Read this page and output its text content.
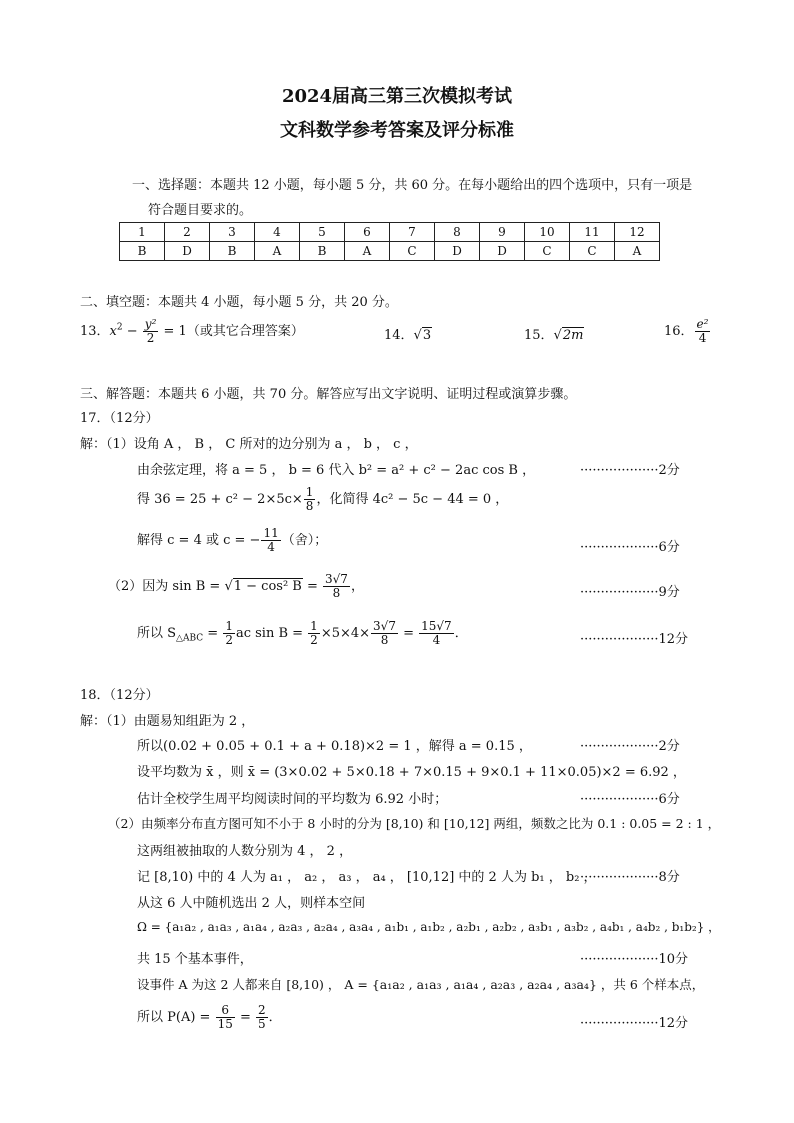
2024届高三第三次模拟考试
文科数学参考答案及评分标准
一、选择题：本题共 12 小题，每小题 5 分，共 60 分。在每小题给出的四个选项中，只有一项是
符合题目要求的。
1	2	3	4	5	6	7	8	9	10	11	12
B	D	B	A	B	A	C	D	D	C	C	A
二、填空题：本题共 4 小题，每小题 5 分，共 20 分。
13．$x^2 - \frac{\text{y²}}{2} = 1$（或其它合理答案）	14．√3	15．√2m	16． $\frac{\text{e²}}{4}$
三、解答题：本题共 6 小题，共 70 分。解答应写出文字说明、证明过程或演算步骤。
17．（12分）
解：（1）设角 A ， B ， C 所对的边分别为 a ， b ， c ，
由余弦定理，将 a = 5 ， b = 6 代入 b² = a² + c² − 2ac cos B ，	···················2分
得 $36 = 25 + c^2 - 2\times 5c\times \frac{1}{8}$ ，化简得 4c² − 5c − 44 = 0 ，
解得 c = 4 或 c = − $\frac{11}{4}$ （舍）；	···················6分
（2）因为 sin B = √1 − cos² $B = \frac{3√7}{8}$ ，	···················9分
所以 $S_{\triangle ABC} = \frac{1}{2}$ ac $\sin B = \frac{1}{2} \times 5\times 4\times \frac{3√7}{8} = \frac{15√7}{4}$ ．	···················12分
18．（12分）
解：（1）由题易知组距为 2 ，
所以(0.02 + 0.05 + 0.1 + a + 0.18)×2 = 1 ，解得 a = 0.15 ，	···················2分
设平均数为 x̄ ，则 x̄ = (3×0.02 + 5×0.18 + 7×0.15 + 9×0.1 + 11×0.05)×2 = 6.92 ，
估计全校学生周平均阅读时间的平均数为 6.92 小时；	···················6分
（2）由频率分布直方图可知不小于 8 小时的分为 [8,10) 和 [10,12] 两组，频数之比为 0.1 : 0.05 = 2 : 1 ，
这两组被抽取的人数分别为 4 ， 2 ，
记 [8,10) 中的 4 人为 a₁ ， a₂ ， a₃ ， a₄ ， [10,12] 中的 2 人为 b₁ ， b₂ ，
···················8分
从这 6 人中随机选出 2 人，则样本空间
Ω = {a₁a₂ , a₁a₃ , a₁a₄ , a₂a₃ , a₂a₄ , a₃a₄ , a₁b₁ , a₁b₂ , a₂b₁ , a₂b₂ , a₃b₁ , a₃b₂ , a₄b₁ , a₄b₂ , b₁b₂} ，
共 15 个基本事件，	···················10分
设事件 A 为这 2 人都来自 [8,10) ， A = {a₁a₂ , a₁a₃ , a₁a₄ , a₂a₃ , a₂a₄ , a₃a₄} ，共 6 个样本点，
所以 $P(A) = \frac{6}{15} = \frac{2}{5}$ ．	···················12分
